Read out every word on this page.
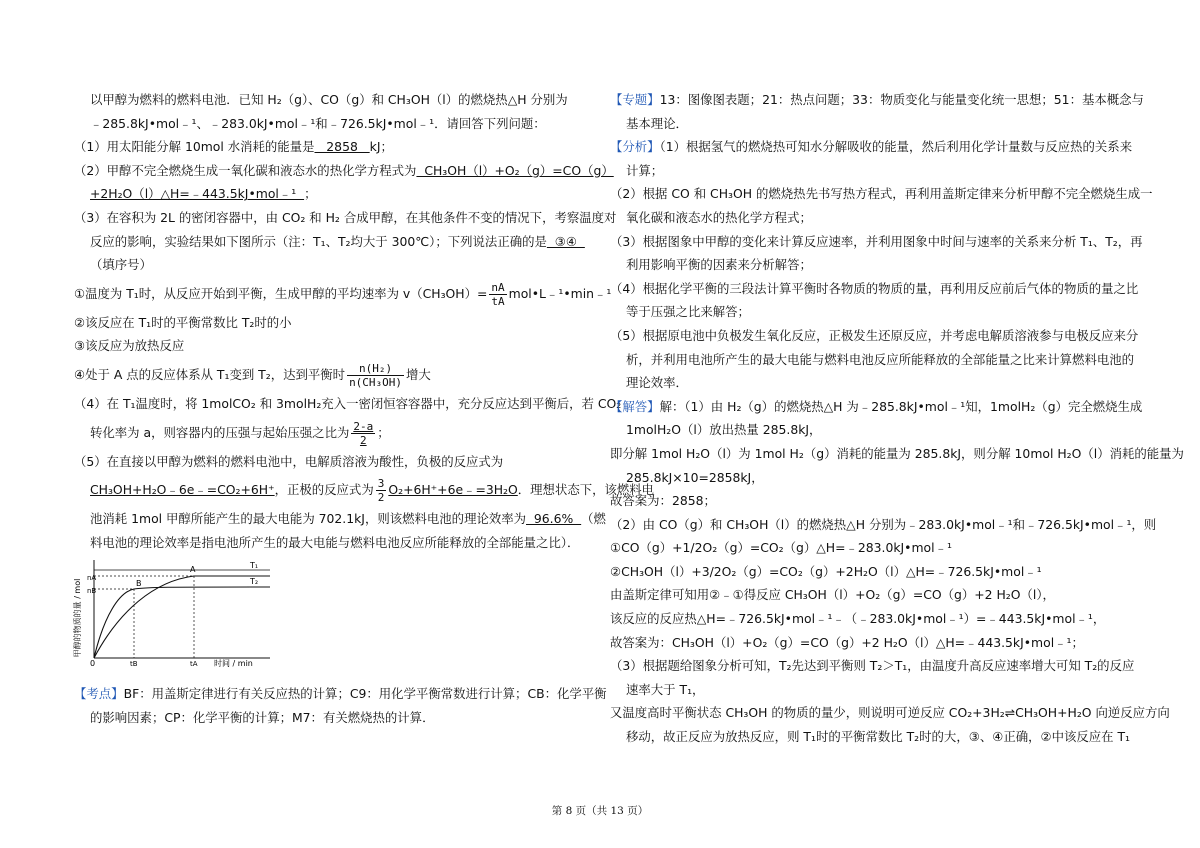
以甲醇为燃料的燃料电池．已知 H₂（g）、CO（g）和 CH₃OH（l）的燃烧热△H 分别为

﹣285.8kJ•mol﹣¹、﹣283.0kJ•mol﹣¹和﹣726.5kJ•mol﹣¹．请回答下列问题：

（1）用太阳能分解 10mol 水消耗的能量是   2858   kJ；

（2）甲醇不完全燃烧生成一氧化碳和液态水的热化学方程式为  CH₃OH（l）+O₂（g）=CO（g）

+2H₂O（l）△H=﹣443.5kJ•mol﹣¹  ；

（3）在容积为 2L 的密闭容器中，由 CO₂ 和 H₂ 合成甲醇，在其他条件不变的情况下，考察温度对

反应的影响，实验结果如下图所示（注：T₁、T₂均大于 300℃）；下列说法正确的是  ③④

（填序号）

①温度为 T₁时，从反应开始到平衡，生成甲醇的平均速率为 $v(CH_3OH)= \frac{nA}{tA}$ mol•L﹣¹•min﹣¹

②该反应在 T₁时的平衡常数比 T₂时的小

③该反应为放热反应

④处于 A 点的反应体系从 T₁变到 T₂，达到平衡时 $\frac{\text{n(H₂)}}{\text{n(CH₃OH)}}$ 增大

（4）在 T₁温度时，将 1molCO₂ 和 3molH₂充入一密闭恒容容器中，充分反应达到平衡后，若 CO₂

转化率为 a，则容器内的压强与起始压强之比为 $\frac{2-a}{2}$ ；

（5）在直接以甲醇为燃料的燃料电池中，电解质溶液为酸性，负极的反应式为

CH₃OH+H₂O﹣6e﹣=CO₂+6H⁺，正极的反应式为 $\frac{3}{2}$ O₂+6H⁺+6e﹣=3H₂O．理想状态下，该燃料电

池消耗 1mol 甲醇所能产生的最大电能为 702.1kJ，则该燃料电池的理论效率为  96.6%  （燃

料电池的理论效率是指电池所产生的最大电能与燃料电池反应所能释放的全部能量之比）．

甲醇的物质的量 / mol
nA
nB
0	tB	tA 时间 / min
A
B
T₁
T₂

【考点】BF：用盖斯定律进行有关反应热的计算；C9：用化学平衡常数进行计算；CB：化学平衡

的影响因素；CP：化学平衡的计算；M7：有关燃烧热的计算．

【专题】13：图像图表题；21：热点问题；33：物质变化与能量变化统一思想；51：基本概念与

基本理论．

【分析】（1）根据氢气的燃烧热可知水分解吸收的能量，然后利用化学计量数与反应热的关系来

计算；

（2）根据 CO 和 CH₃OH 的燃烧热先书写热方程式，再利用盖斯定律来分析甲醇不完全燃烧生成一

氧化碳和液态水的热化学方程式；

（3）根据图象中甲醇的变化来计算反应速率，并利用图象中时间与速率的关系来分析 T₁、T₂，再

利用影响平衡的因素来分析解答；

（4）根据化学平衡的三段法计算平衡时各物质的物质的量，再利用反应前后气体的物质的量之比

等于压强之比来解答；

（5）根据原电池中负极发生氧化反应，正极发生还原反应，并考虑电解质溶液参与电极反应来分

析，并利用电池所产生的最大电能与燃料电池反应所能释放的全部能量之比来计算燃料电池的

理论效率．

【解答】解：（1）由 H₂（g）的燃烧热△H 为﹣285.8kJ•mol﹣¹知，1molH₂（g）完全燃烧生成

1molH₂O（l）放出热量 285.8kJ，

即分解 1mol H₂O（l）为 1mol H₂（g）消耗的能量为 285.8kJ，则分解 10mol H₂O（l）消耗的能量为

285.8kJ×10=2858kJ，

故答案为：2858；

（2）由 CO（g）和 CH₃OH（l）的燃烧热△H 分别为﹣283.0kJ•mol﹣¹和﹣726.5kJ•mol﹣¹，则

①CO（g）+1/2O₂（g）=CO₂（g）△H=﹣283.0kJ•mol﹣¹

②CH₃OH（l）+3/2O₂（g）=CO₂（g）+2H₂O（l）△H=﹣726.5kJ•mol﹣¹

由盖斯定律可知用②﹣①得反应 CH₃OH（l）+O₂（g）=CO（g）+2 H₂O（l），

该反应的反应热△H=﹣726.5kJ•mol﹣¹﹣（﹣283.0kJ•mol﹣¹）=﹣443.5kJ•mol﹣¹，

故答案为：CH₃OH（l）+O₂（g）=CO（g）+2 H₂O（l）△H=﹣443.5kJ•mol﹣¹；

（3）根据题给图象分析可知，T₂先达到平衡则 T₂＞T₁，由温度升高反应速率增大可知 T₂的反应

速率大于 T₁，

又温度高时平衡状态 CH₃OH 的物质的量少，则说明可逆反应 CO₂+3H₂⇌CH₃OH+H₂O 向逆反应方向

移动，故正反应为放热反应，则 T₁时的平衡常数比 T₂时的大，③、④正确，②中该反应在 T₁

第 8 页（共 13 页）
